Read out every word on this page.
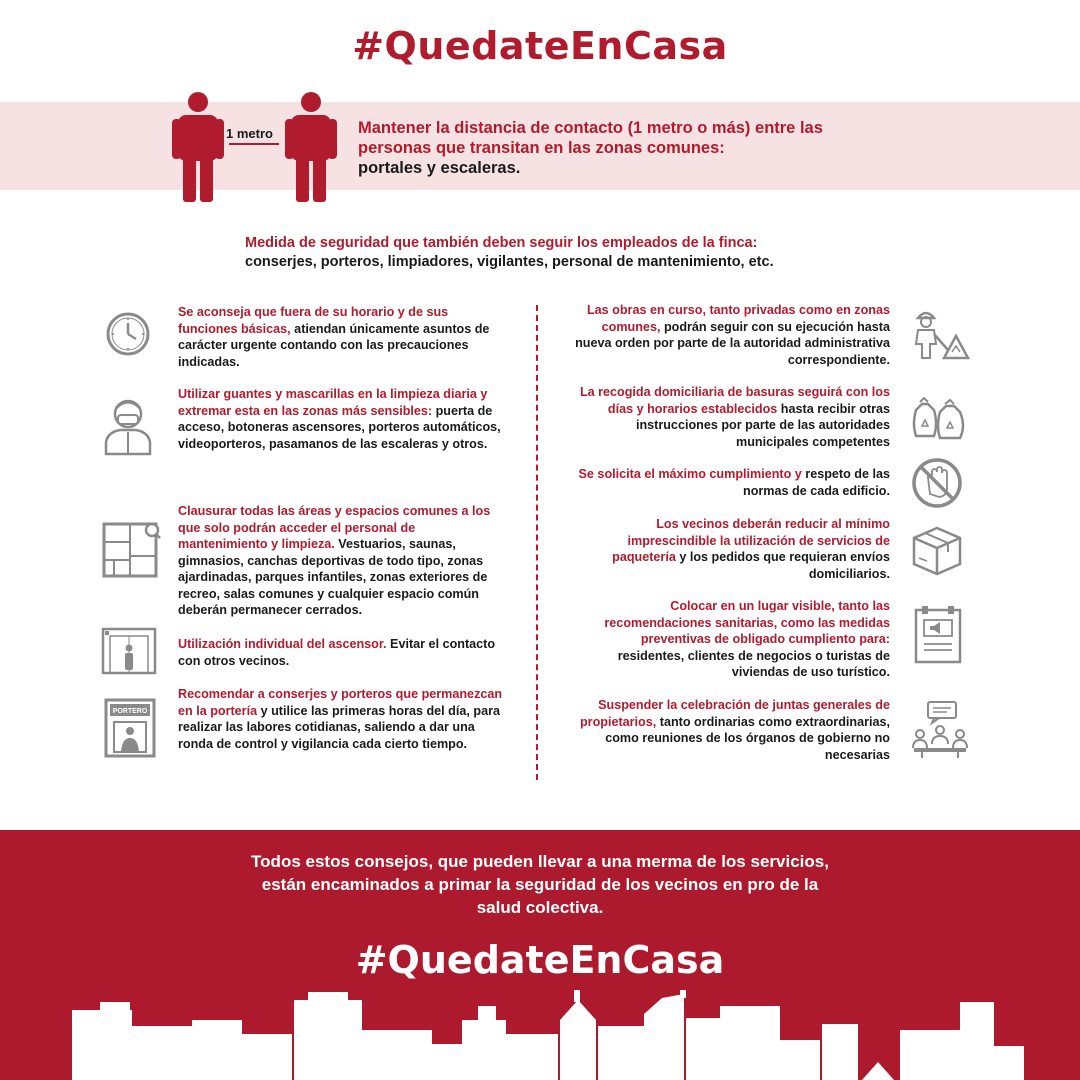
#QuedateEnCasa
1 metro	Mantener la distancia de contacto (1 metro o más) entre las personas que transitan en las zonas comunes:
portales y escaleras.
Medida de seguridad que también deben seguir los empleados de la finca:
conserjes, porteros, limpiadores, vigilantes, personal de mantenimiento, etc.
Se aconseja que fuera de su horario y de sus funciones básicas, atiendan únicamente asuntos de carácter urgente contando con las precauciones indicadas.
Utilizar guantes y mascarillas en la limpieza diaria y extremar esta en las zonas más sensibles: puerta de acceso, botoneras ascensores, porteros automáticos, videoporteros, pasamanos de las escaleras y otros.
Clausurar todas las áreas y espacios comunes a los que solo podrán acceder el personal de mantenimiento y limpieza. Vestuarios, saunas, gimnasios, canchas deportivas de todo tipo, zonas ajardinadas, parques infantiles, zonas exteriores de recreo, salas comunes y cualquier espacio común deberán permanecer cerrados.
Utilización individual del ascensor. Evitar el contacto con otros vecinos.
PORTERO
Recomendar a conserjes y porteros que permanezcan en la portería y utilice las primeras horas del día, para realizar las labores cotidianas, saliendo a dar una ronda de control y vigilancia cada cierto tiempo.
Las obras en curso, tanto privadas como en zonas comunes, podrán seguir con su ejecución hasta nueva orden por parte de la autoridad administrativa correspondiente.
La recogida domiciliaria de basuras seguirá con los días y horarios establecidos hasta recibir otras instrucciones por parte de las autoridades municipales competentes
Se solicita el máximo cumplimiento y respeto de las normas de cada edificio.
Los vecinos deberán reducir al mínimo imprescindible la utilización de servicios de paquetería y los pedidos que requieran envíos domiciliarios.
Colocar en un lugar visible, tanto las recomendaciones sanitarias, como las medidas preventivas de obligado cumpliento para: residentes, clientes de negocios o turistas de viviendas de uso turístico.
Suspender la celebración de juntas generales de propietarios, tanto ordinarias como extraordinarias, como reuniones de los órganos de gobierno no necesarias
Todos estos consejos, que pueden llevar a una merma de los servicios, están encaminados a primar la seguridad de los vecinos en pro de la salud colectiva.
#QuedateEnCasa
